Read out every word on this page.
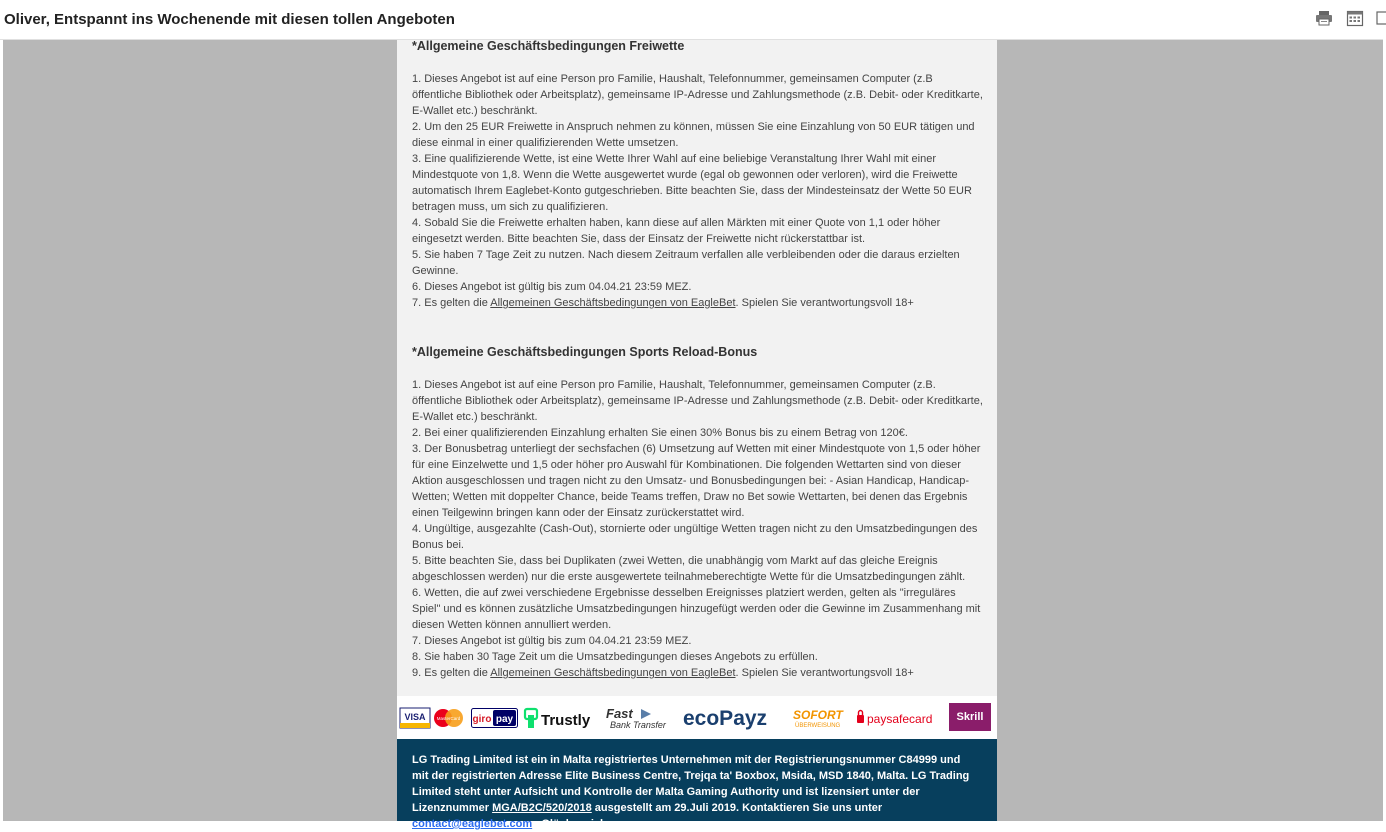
Oliver, Entspannt ins Wochenende mit diesen tollen Angeboten
*Allgemeine Geschäftsbedingungen Freiwette

1. Dieses Angebot ist auf eine Person pro Familie, Haushalt, Telefonnummer, gemeinsamen Computer (z.B öffentliche Bibliothek oder Arbeitsplatz), gemeinsame IP-Adresse und Zahlungsmethode (z.B. Debit- oder Kreditkarte, E-Wallet etc.) beschränkt.

2. Um den 25 EUR Freiwette in Anspruch nehmen zu können, müssen Sie eine Einzahlung von 50 EUR tätigen und diese einmal in einer qualifizierenden Wette umsetzen.

3. Eine qualifizierende Wette, ist eine Wette Ihrer Wahl auf eine beliebige Veranstaltung Ihrer Wahl mit einer Mindestquote von 1,8. Wenn die Wette ausgewertet wurde (egal ob gewonnen oder verloren), wird die Freiwette automatisch Ihrem Eaglebet-Konto gutgeschrieben. Bitte beachten Sie, dass der Mindesteinsatz der Wette 50 EUR betragen muss, um sich zu qualifizieren.

4. Sobald Sie die Freiwette erhalten haben, kann diese auf allen Märkten mit einer Quote von 1,1 oder höher eingesetzt werden. Bitte beachten Sie, dass der Einsatz der Freiwette nicht rückerstattbar ist.

5. Sie haben 7 Tage Zeit zu nutzen. Nach diesem Zeitraum verfallen alle verbleibenden oder die daraus erzielten Gewinne.

6. Dieses Angebot ist gültig bis zum 04.04.21 23:59 MEZ.

7. Es gelten die Allgemeinen Geschäftsbedingungen von EagleBet. Spielen Sie verantwortungsvoll 18+

*Allgemeine Geschäftsbedingungen Sports Reload-Bonus

1. Dieses Angebot ist auf eine Person pro Familie, Haushalt, Telefonnummer, gemeinsamen Computer (z.B. öffentliche Bibliothek oder Arbeitsplatz), gemeinsame IP-Adresse und Zahlungsmethode (z.B. Debit- oder Kreditkarte, E-Wallet etc.) beschränkt.

2. Bei einer qualifizierenden Einzahlung erhalten Sie einen 30% Bonus bis zu einem Betrag von 120€.

3. Der Bonusbetrag unterliegt der sechsfachen (6) Umsetzung auf Wetten mit einer Mindestquote von 1,5 oder höher für eine Einzelwette und 1,5 oder höher pro Auswahl für Kombinationen. Die folgenden Wettarten sind von dieser Aktion ausgeschlossen und tragen nicht zu den Umsatz- und Bonusbedingungen bei: - Asian Handicap, Handicap-Wetten; Wetten mit doppelter Chance, beide Teams treffen, Draw no Bet sowie Wettarten, bei denen das Ergebnis einen Teilgewinn bringen kann oder der Einsatz zurückerstattet wird.

4. Ungültige, ausgezahlte (Cash-Out), stornierte oder ungültige Wetten tragen nicht zu den Umsatzbedingungen des Bonus bei.

5. Bitte beachten Sie, dass bei Duplikaten (zwei Wetten, die unabhängig vom Markt auf das gleiche Ereignis abgeschlossen werden) nur die erste ausgewertete teilnahmeberechtigte Wette für die Umsatzbedingungen zählt.

6. Wetten, die auf zwei verschiedene Ergebnisse desselben Ereignisses platziert werden, gelten als "irreguläres Spiel" und es können zusätzliche Umsatzbedingungen hinzugefügt werden oder die Gewinne im Zusammenhang mit diesen Wetten können annulliert werden.

7. Dieses Angebot ist gültig bis zum 04.04.21 23:59 MEZ.

8. Sie haben 30 Tage Zeit um die Umsatzbedingungen dieses Angebots zu erfüllen.

9. Es gelten die Allgemeinen Geschäftsbedingungen von EagleBet. Spielen Sie verantwortungsvoll 18+

VISA MasterCard giro pay Trustly Fast
Bank Transfer ecoPayz SOFORT
ÜBERWEISUNG paysafecard Skrill

LG Trading Limited ist ein in Malta registriertes Unternehmen mit der Registrierungsnummer C84999 und mit der registrierten Adresse Elite Business Centre, Trejqa ta' Boxbox, Msida, MSD 1840, Malta. LG Trading Limited steht unter Aufsicht und Kontrolle der Malta Gaming Authority und ist lizensiert unter der Lizenznummer MGA/B2C/520/2018 ausgestellt am 29.Juli 2019. Kontaktieren Sie uns unter contact@eaglebet.com . Glücksspiel
